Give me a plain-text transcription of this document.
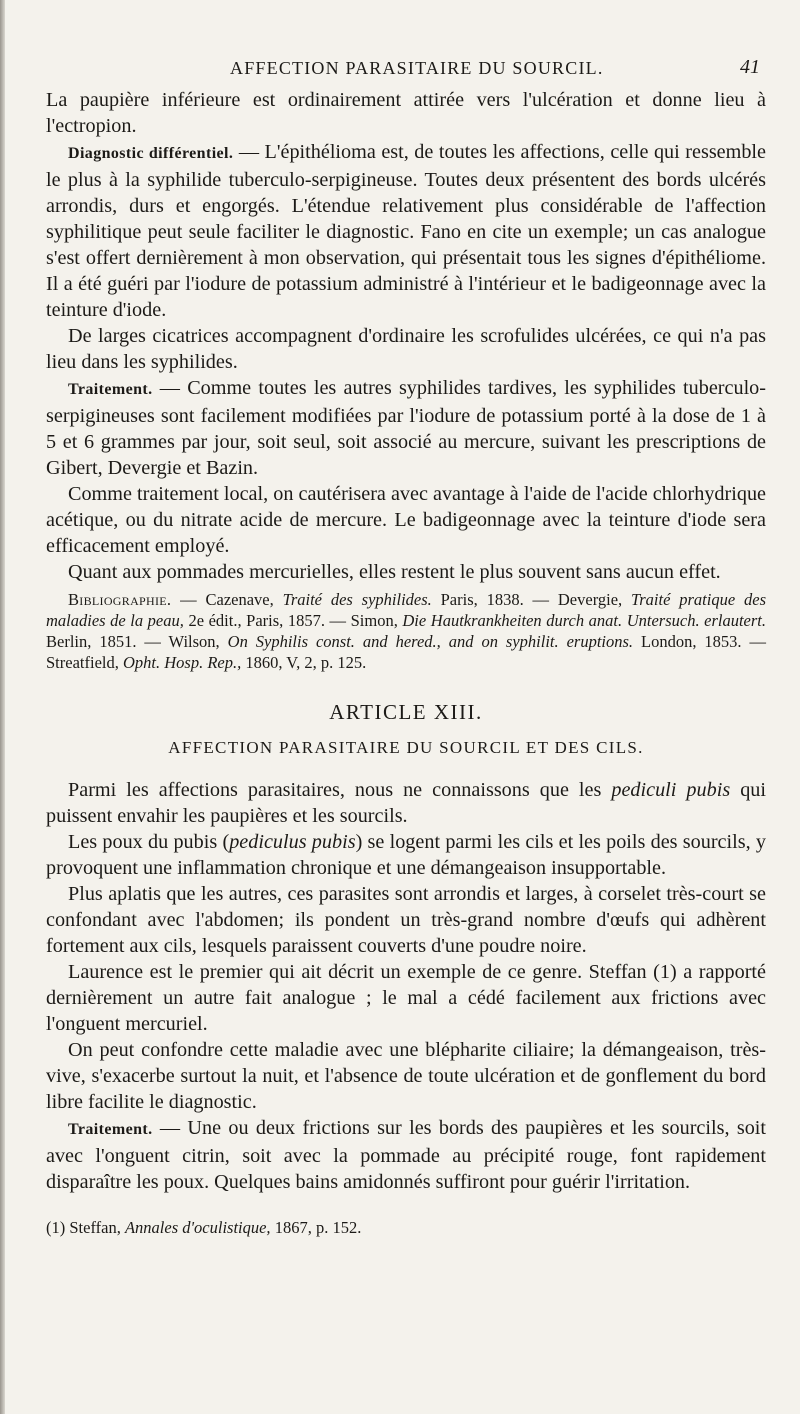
AFFECTION PARASITAIRE DU SOURCIL.	41

La paupière inférieure est ordinairement attirée vers l'ulcération et donne lieu à l'ectropion.

Diagnostic différentiel. — L'épithélioma est, de toutes les affections, celle qui ressemble le plus à la syphilide tuberculo-serpigineuse. Toutes deux présentent des bords ulcérés arrondis, durs et engorgés. L'étendue relativement plus considérable de l'affection syphilitique peut seule faciliter le diagnostic. Fano en cite un exemple; un cas analogue s'est offert dernièrement à mon observation, qui présentait tous les signes d'épithéliome. Il a été guéri par l'iodure de potassium administré à l'intérieur et le badigeonnage avec la teinture d'iode.

De larges cicatrices accompagnent d'ordinaire les scrofulides ulcérées, ce qui n'a pas lieu dans les syphilides.

Traitement. — Comme toutes les autres syphilides tardives, les syphilides tuberculo-serpigineuses sont facilement modifiées par l'iodure de potassium porté à la dose de 1 à 5 et 6 grammes par jour, soit seul, soit associé au mercure, suivant les prescriptions de Gibert, Devergie et Bazin.

Comme traitement local, on cautérisera avec avantage à l'aide de l'acide chlorhydrique acétique, ou du nitrate acide de mercure. Le badigeonnage avec la teinture d'iode sera efficacement employé.

Quant aux pommades mercurielles, elles restent le plus souvent sans aucun effet.

Bibliographie. — Cazenave, Traité des syphilides. Paris, 1838. — Devergie, Traité pratique des maladies de la peau, 2e édit., Paris, 1857. — Simon, Die Hautkrankheiten durch anat. Untersuch. erlautert. Berlin, 1851. — Wilson, On Syphilis const. and hered., and on syphilit. eruptions. London, 1853. — Streatfield, Opht. Hosp. Rep., 1860, V, 2, p. 125.

ARTICLE XIII.
AFFECTION PARASITAIRE DU SOURCIL ET DES CILS.

Parmi les affections parasitaires, nous ne connaissons que les pediculi pubis qui puissent envahir les paupières et les sourcils.

Les poux du pubis (pediculus pubis) se logent parmi les cils et les poils des sourcils, y provoquent une inflammation chronique et une démangeaison insupportable.

Plus aplatis que les autres, ces parasites sont arrondis et larges, à corselet très-court se confondant avec l'abdomen; ils pondent un très-grand nombre d'œufs qui adhèrent fortement aux cils, lesquels paraissent couverts d'une poudre noire.

Laurence est le premier qui ait décrit un exemple de ce genre. Steffan (1) a rapporté dernièrement un autre fait analogue ; le mal a cédé facilement aux frictions avec l'onguent mercuriel.

On peut confondre cette maladie avec une blépharite ciliaire; la démangeaison, très-vive, s'exacerbe surtout la nuit, et l'absence de toute ulcération et de gonflement du bord libre facilite le diagnostic.

Traitement. — Une ou deux frictions sur les bords des paupières et les sourcils, soit avec l'onguent citrin, soit avec la pommade au précipité rouge, font rapidement disparaître les poux. Quelques bains amidonnés suffiront pour guérir l'irritation.

(1) Steffan, Annales d'oculistique, 1867, p. 152.
